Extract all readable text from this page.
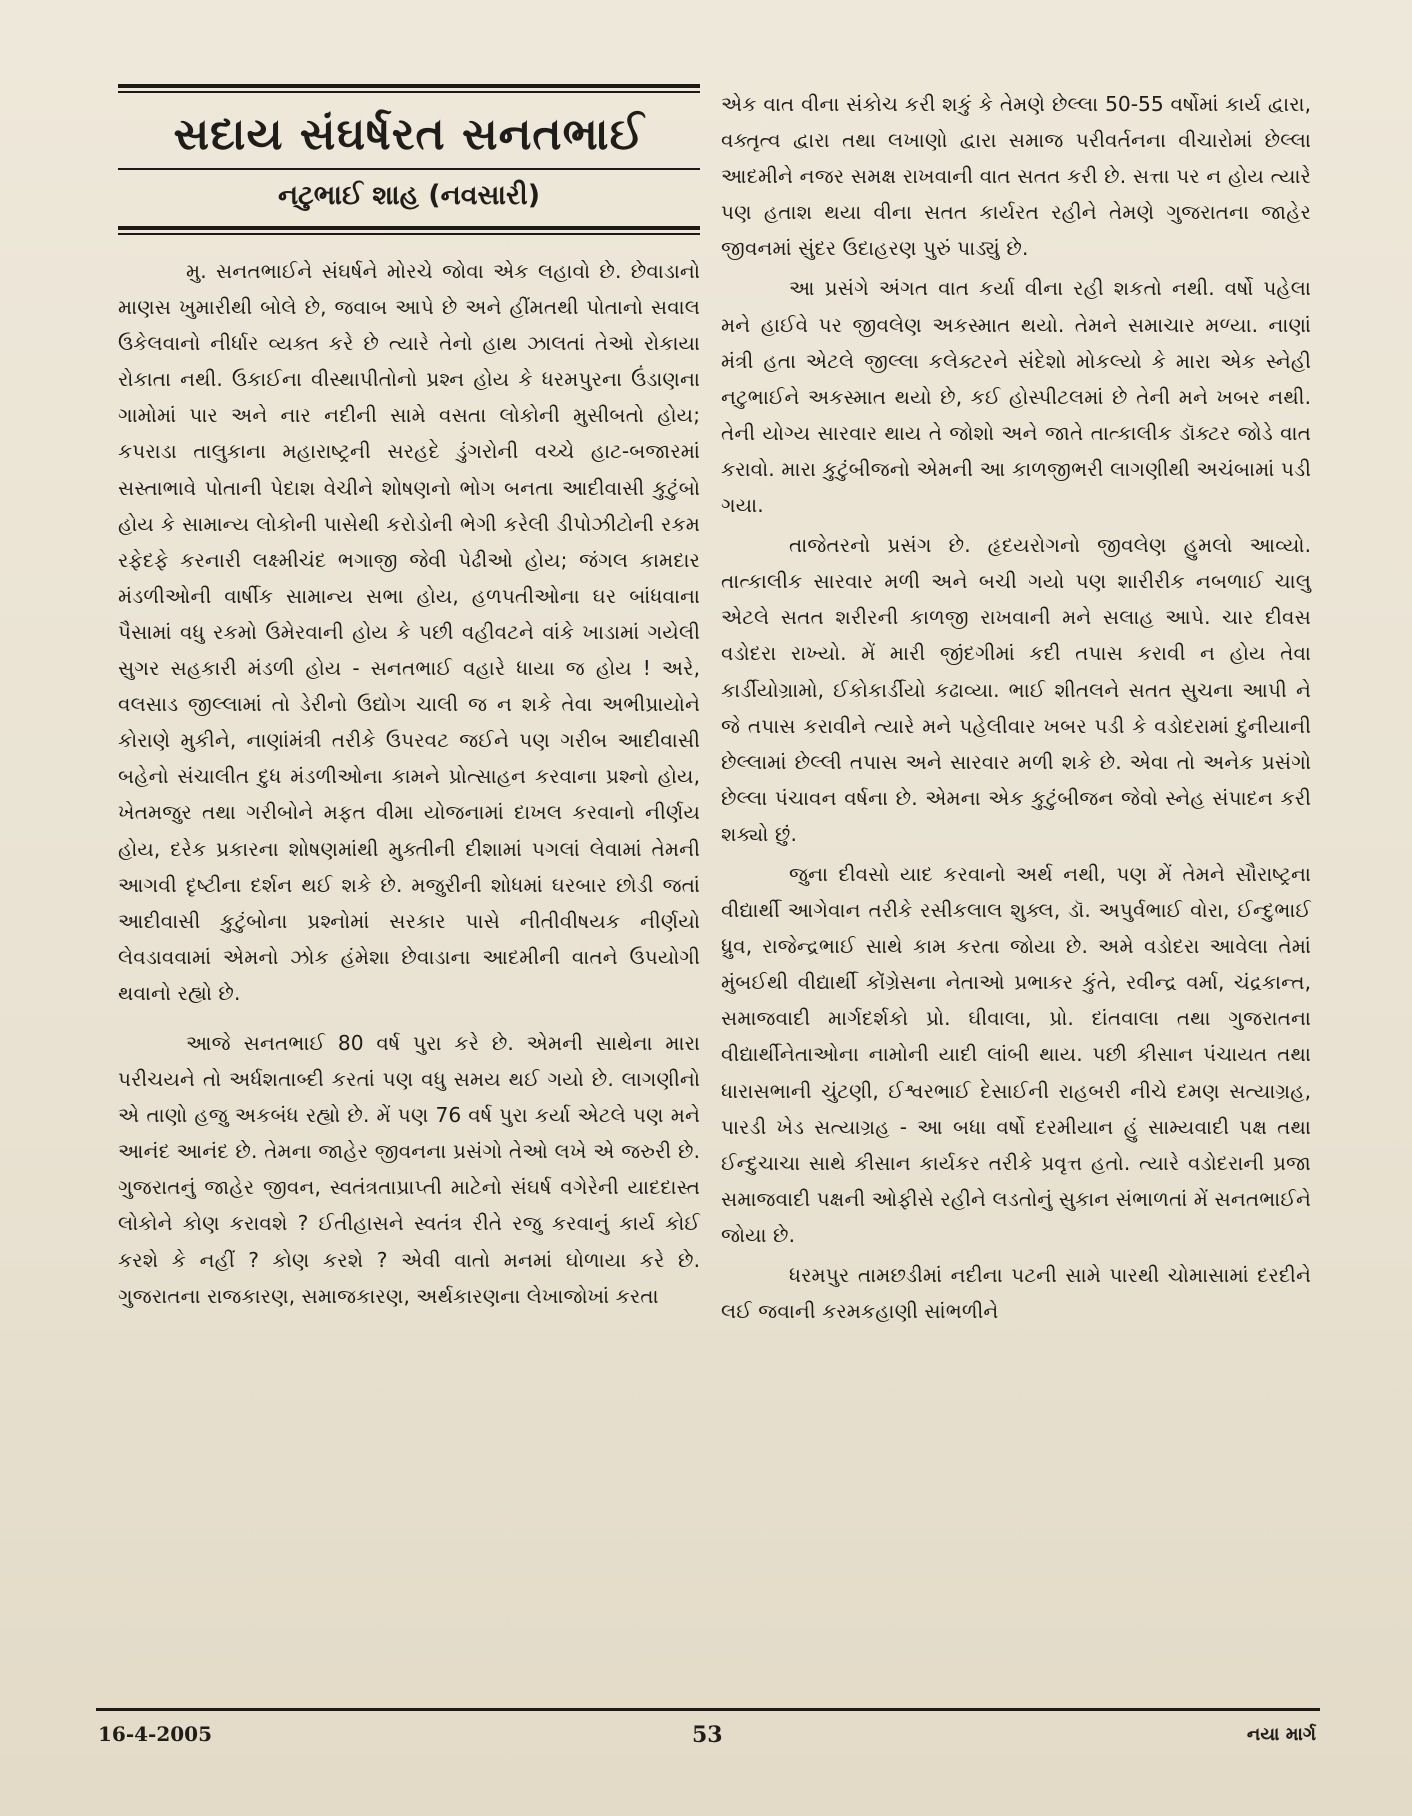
સદાય સંઘર્ષરત સનતભાઈ
નટુભાઈ શાહ (નવસારી)

મુ. સનતભાઈને સંઘર્ષને મોરચે જોવા એક લહાવો છે. છેવાડાનો માણસ ખુમારીથી બોલે છે, જવાબ આપે છે અને હીંમતથી પોતાનો સવાલ ઉકેલવાનો નીર્ધાર વ્યક્ત કરે છે ત્યારે તેનો હાથ ઝાલતાં તેઓ રોકાયા રોકાતા નથી. ઉકાઈના વીસ્થાપીતોનો પ્રશ્ન હોય કે ધરમપુરના ઉંડાણના ગામોમાં પાર અને નાર નદીની સામે વસતા લોકોની મુસીબતો હોય; કપરાડા તાલુકાના મહારાષ્ટ્રની સરહદે ડુંગરોની વચ્ચે હાટ-બજારમાં સસ્તાભાવે પોતાની પેદાશ વેચીને શોષણનો ભોગ બનતા આદીવાસી કુટુંબો હોય કે સામાન્ય લોકોની પાસેથી કરોડોની ભેગી કરેલી ડીપોઝીટોની રકમ રફેદફે કરનારી લક્ષ્મીચંદ ભગાજી જેવી પેઢીઓ હોય; જંગલ કામદાર મંડળીઓની વાર્ષીક સામાન્ય સભા હોય, હળપતીઓના ઘર બાંધવાના પૈસામાં વધુ રકમો ઉમેરવાની હોય કે પછી વહીવટને વાંકે ખાડામાં ગયેલી સુગર સહકારી મંડળી હોય - સનતભાઈ વહારે ધાયા જ હોય ! અરે, વલસાડ જીલ્લામાં તો ડેરીનો ઉદ્યોગ ચાલી જ ન શકે તેવા અભીપ્રાયોને કોરાણે મુકીને, નાણાંમંત્રી તરીકે ઉપરવટ જઈને પણ ગરીબ આદીવાસી બહેનો સંચાલીત દુધ મંડળીઓના કામને પ્રોત્સાહન કરવાના પ્રશ્નો હોય, ખેતમજુર તથા ગરીબોને મફત વીમા યોજનામાં દાખલ કરવાનો નીર્ણય હોય, દરેક પ્રકારના શોષણમાંથી મુક્તીની દીશામાં પગલાં લેવામાં તેમની આગવી દૃષ્ટીના દર્શન થઈ શકે છે. મજુરીની શોધમાં ઘરબાર છોડી જતાં આદીવાસી કુટુંબોના પ્રશ્નોમાં સરકાર પાસે નીતીવીષયક નીર્ણયો લેવડાવવામાં એમનો ઝોક હંમેશા છેવાડાના આદમીની વાતને ઉપયોગી થવાનો રહ્યો છે.

આજે સનતભાઈ 80 વર્ષ પુરા કરે છે. એમની સાથેના મારા પરીચયને તો અર્ધશતાબ્દી કરતાં પણ વધુ સમય થઈ ગયો છે. લાગણીનો એ તાણો હજુ અકબંધ રહ્યો છે. મેં પણ 76 વર્ષ પુરા કર્યા એટલે પણ મને આનંદ આનંદ છે. તેમના જાહેર જીવનના પ્રસંગો તેઓ લખે એ જરુરી છે. ગુજરાતનું જાહેર જીવન, સ્વતંત્રતાપ્રાપ્તી માટેનો સંઘર્ષ વગેરેની યાદદાસ્ત લોકોને કોણ કરાવશે ? ઈતીહાસને સ્વતંત્ર રીતે રજુ કરવાનું કાર્ય કોઈ કરશે કે નહીં ? કોણ કરશે ? એવી વાતો મનમાં ઘોળાયા કરે છે. ગુજરાતના રાજકારણ, સમાજકારણ, અર્થકારણના લેખાજોખાં કરતા

એક વાત વીના સંકોચ કરી શકું કે તેમણે છેલ્લા 50-55 વર્ષોમાં કાર્ય દ્વારા, વક્તૃત્વ દ્વારા તથા લખાણો દ્વારા સમાજ પરીવર્તનના વીચારોમાં છેલ્લા આદમીને નજર સમક્ષ રાખવાની વાત સતત કરી છે. સત્તા પર ન હોય ત્યારે પણ હતાશ થયા વીના સતત કાર્યરત રહીને તેમણે ગુજરાતના જાહેર જીવનમાં સુંદર ઉદાહરણ પુરું પાડ્યું છે.

આ પ્રસંગે અંગત વાત કર્યા વીના રહી શકતો નથી. વર્ષો પહેલા મને હાઈવે પર જીવલેણ અકસ્માત થયો. તેમને સમાચાર મળ્યા. નાણાં મંત્રી હતા એટલે જીલ્લા કલેક્ટરને સંદેશો મોકલ્યો કે મારા એક સ્નેહી નટુભાઈને અકસ્માત થયો છે, કઈ હોસ્પીટલમાં છે તેની મને ખબર નથી. તેની યોગ્ય સારવાર થાય તે જોશો અને જાતે તાત્કાલીક ડૉક્ટર જોડે વાત કરાવો. મારા કુટુંબીજનો એમની આ કાળજીભરી લાગણીથી અચંબામાં પડી ગયા.

તાજેતરનો પ્રસંગ છે. હૃદયરોગનો જીવલેણ હુમલો આવ્યો. તાત્કાલીક સારવાર મળી અને બચી ગયો પણ શારીરીક નબળાઈ ચાલુ એટલે સતત શરીરની કાળજી રાખવાની મને સલાહ આપે. ચાર દીવસ વડોદરા રાખ્યો. મેં મારી જીંદગીમાં કદી તપાસ કરાવી ન હોય તેવા કાર્ડીયોગ્રામો, ઈકોકાર્ડીયો કઢાવ્યા. ભાઈ શીતલને સતત સુચના આપી ને જે તપાસ કરાવીને ત્યારે મને પહેલીવાર ખબર પડી કે વડોદરામાં દુનીયાની છેલ્લામાં છેલ્લી તપાસ અને સારવાર મળી શકે છે. એવા તો અનેક પ્રસંગો છેલ્લા પંચાવન વર્ષના છે. એમના એક કુટુંબીજન જેવો સ્નેહ સંપાદન કરી શક્યો છું.

જુના દીવસો યાદ કરવાનો અર્થ નથી, પણ મેં તેમને સૌરાષ્ટ્રના વીદ્યાર્થી આગેવાન તરીકે રસીકલાલ શુક્લ, ડૉ. અપુર્વભાઈ વોરા, ઈન્દુભાઈ ધ્રુવ, રાજેન્દ્રભાઈ સાથે કામ કરતા જોયા છે. અમે વડોદરા આવેલા તેમાં મુંબઈથી વીદ્યાર્થી કોંગ્રેસના નેતાઓ પ્રભાકર કુંતે, રવીન્દ્ર વર્મા, ચંદ્રકાન્ત, સમાજવાદી માર્ગદર્શકો પ્રો. ઘીવાલા, પ્રો. દાંતવાલા તથા ગુજરાતના વીદ્યાર્થીનેતાઓના નામોની યાદી લાંબી થાય. પછી કીસાન પંચાયત તથા ધારાસભાની ચુંટણી, ઈશ્વરભાઈ દેસાઈની રાહબરી નીચે દમણ સત્યાગ્રહ, પારડી ખેડ સત્યાગ્રહ - આ બધા વર્ષો દરમીયાન હું સામ્યવાદી પક્ષ તથા ઈન્દુચાચા સાથે કીસાન કાર્યકર તરીકે પ્રવૃત્ત હતો. ત્યારે વડોદરાની પ્રજા સમાજવાદી પક્ષની ઓફીસે રહીને લડતોનું સુકાન સંભાળતાં મેં સનતભાઈને જોયા છે.

ધરમપુર તામછડીમાં નદીના પટની સામે પારથી ચોમાસામાં દરદીને લઈ જવાની કરમકહાણી સાંભળીને

16-4-2005	53	નયા માર્ગ
